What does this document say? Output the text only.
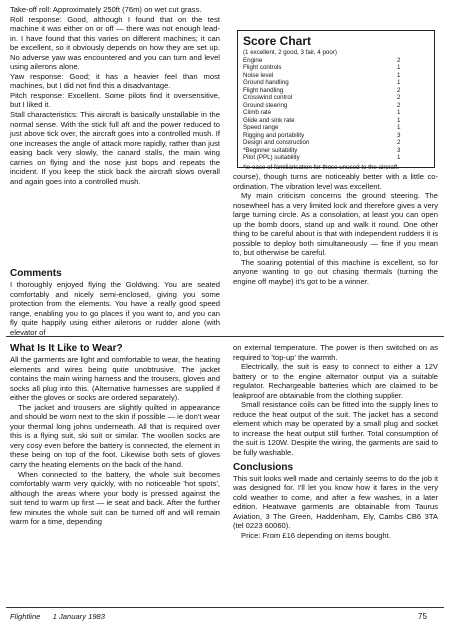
Take-off roll: Approximately 250ft (76m) on wet cut grass.

Roll response: Good, although I found that on the test machine it was either on or off — there was not enough lead-in. I have found that this varies on different machines; it can be excellent, so it obviously depends on how they are set up. No adverse yaw was encountered and you can turn and level using ailerons alone.

Yaw response: Good; it has a heavier feel than most machines, but I did not find this a disadvantage.

Pitch response: Excellent. Some pilots find it oversensitive, but I liked it.

Stall characteristics: This aircraft is basically unstallable in the normal sense. With the stick full aft and the power reduced to just above tick over, the aircraft goes into a controlled mush. If one increases the angle of attack more rapidly, rather than just easing back very slowly, the canard stalls, the main wing carries on flying and the nose just bops and repeats the incident. If you keep the stick back the aircraft slows overall and again goes into a controlled mush.

Comments

I thoroughly enjoyed flying the Goldwing. You are seated comfortably and nicely semi-enclosed, giving you some protection from the elements. You have a really good speed range, enabling you to go places if you want to, and you can fly quite happily using either ailerons or rudder alone (with elevator of

Score Chart
(1 excellent, 2 good, 3 fair, 4 poor)
Engine	2
Flight controls	1
Noise level	1
Ground handling	1
Flight handling	2
Crosswind control	2
Ground steering	2
Climb rate	1
Glide and sink rate	1
Speed range	1
Rigging and portability	3
Design and construction	2
*Beginner suitability	3
Pilot (PPL) suitability	1
*ie ease of familiarisation for those unused to the aircraft.

course), though turns are noticeably better with a little co-ordination. The vibration level was excellent.

My main criticism concerns the ground steering. The nosewheel has a very limited lock and therefore gives a very large turning circle. As a consolation, at least you can open up the bomb doors, stand up and walk it round. One other thing to be careful about is that with independent rudders it is possible to deploy both simultaneously — fine if you mean to, but otherwise be careful.

The soaring potential of this machine is excellent, so for anyone wanting to go out chasing thermals (turning the engine off maybe) it's got to be a winner.

What Is It Like to Wear?

All the garments are light and comfortable to wear, the heating elements and wires being quite unobtrusive. The jacket contains the main wiring harness and the trousers, gloves and socks all plug into this. (Alternative harnesses are supplied if either the gloves or socks are ordered separately).

The jacket and trousers are slightly quilted in appearance and should be worn next to the skin if possible — ie don't wear your thermal long johns underneath. All that is required over this is a flying suit, ski suit or similar. The woollen socks are very cosy even before the battery is connected, the element in these being on top of the foot. Likewise both sets of gloves carry the heating elements on the back of the hand.

When connected to the battery, the whole suit becomes comfortably warm very quickly, with no noticeable 'hot spots', although the areas where your body is pressed against the suit tend to warm up first — ie seat and back. After the further few minutes the whole suit can be turned off and will remain warm for a time, depending

on external temperature. The power is then switched on as required to 'top-up' the warmth.

Electrically, the suit is easy to connect to either a 12V battery or to the engine alternator output via a suitable regulator. Rechargeable batteries which are claimed to be leakproof are obtainable from the clothing supplier.

Small resistance coils can be fitted into the supply lines to reduce the heat output of the suit. The jacket has a second element which may be operated by a small plug and socket to increase the heat output still further. Total consumption of the suit is 120W. Despite the wiring, the garments are said to be fully washable.

Conclusions

This suit looks well made and certainly seems to do the job it was designed for. I'll let you know how it fares in the very cold weather to come, and after a few washes, in a later edition. Heatwave garments are obtainable from Taurus Aviation, 3 The Green, Haddenham, Ely, Cambs CB6 3TA (tel 0223 60060).

Price: From £16 depending on items bought.

Flightline 1 January 1983	75
